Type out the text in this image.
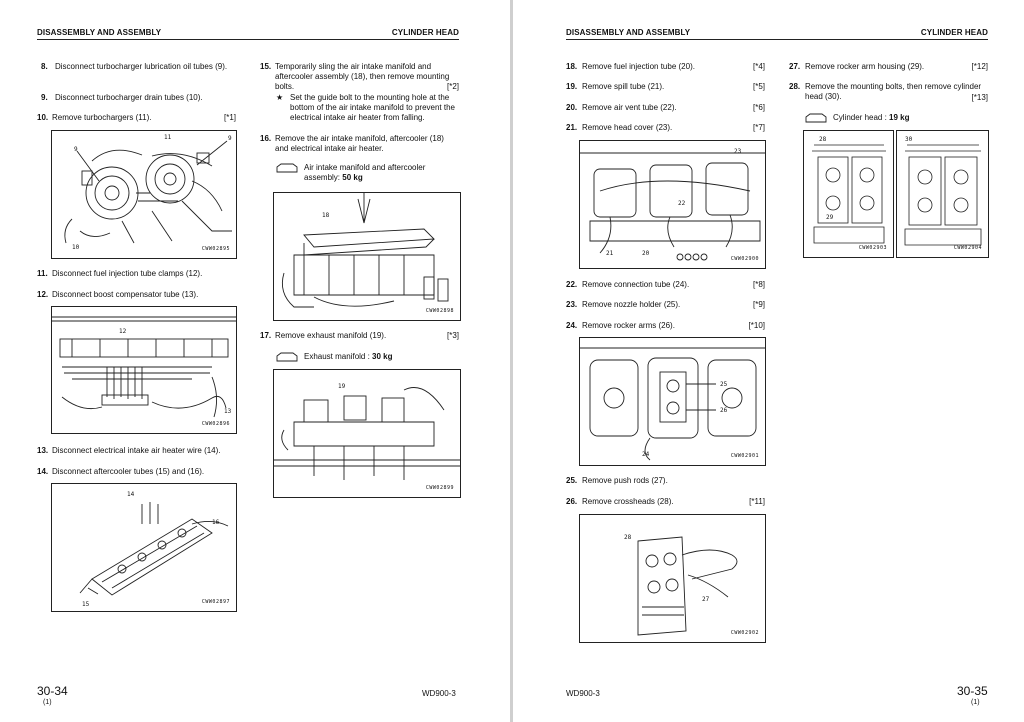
DISASSEMBLY AND ASSEMBLY	CYLINDER HEAD
8. Disconnect turbocharger lubrication oil tubes (9).
9. Disconnect turbocharger drain tubes (10).
10. Remove turbochargers (11).	[*1]
9
9
10
11
CWW02895
11. Disconnect fuel injection tube clamps (12).
12. Disconnect boost compensator tube (13).
12
13
CWW02896
13. Disconnect electrical intake air heater wire (14).
14. Disconnect aftercooler tubes (15) and (16).
14
16
15	CWW02897
15. Temporarily sling the air intake manifold and aftercooler assembly (18), then remove mounting bolts.	[*2]
★ Set the guide bolt to the mounting hole at the bottom of the air intake manifold to prevent the electrical intake air heater from falling.
16. Remove the air intake manifold, aftercooler (18) and electrical intake air heater.
Air intake manifold and aftercooler assembly: 50 kg
18
CWW02898
17. Remove exhaust manifold (19).	[*3]
Exhaust manifold : 30 kg
19
CWW02899
30-34
(1)
WD900-3
DISASSEMBLY AND ASSEMBLY	CYLINDER HEAD
18. Remove fuel injection tube (20).	[*4]
19. Remove spill tube (21).	[*5]
20. Remove air vent tube (22).	[*6]
21. Remove head cover (23).	[*7]
23
22
21	20
CWW02900
22. Remove connection tube (24).	[*8]
23. Remove nozzle holder (25).	[*9]
24. Remove rocker arms (26).	[*10]
25
26
24	CWW02901
25. Remove push rods (27).
26. Remove crossheads (28).	[*11]
28
27
CWW02902
27. Remove rocker arm housing (29).	[*12]
28. Remove the mounting bolts, then remove cylinder head (30).	[*13]
Cylinder head : 19 kg
28
29
CWW02903
30
CWW02904
WD900-3	30-35
(1)
